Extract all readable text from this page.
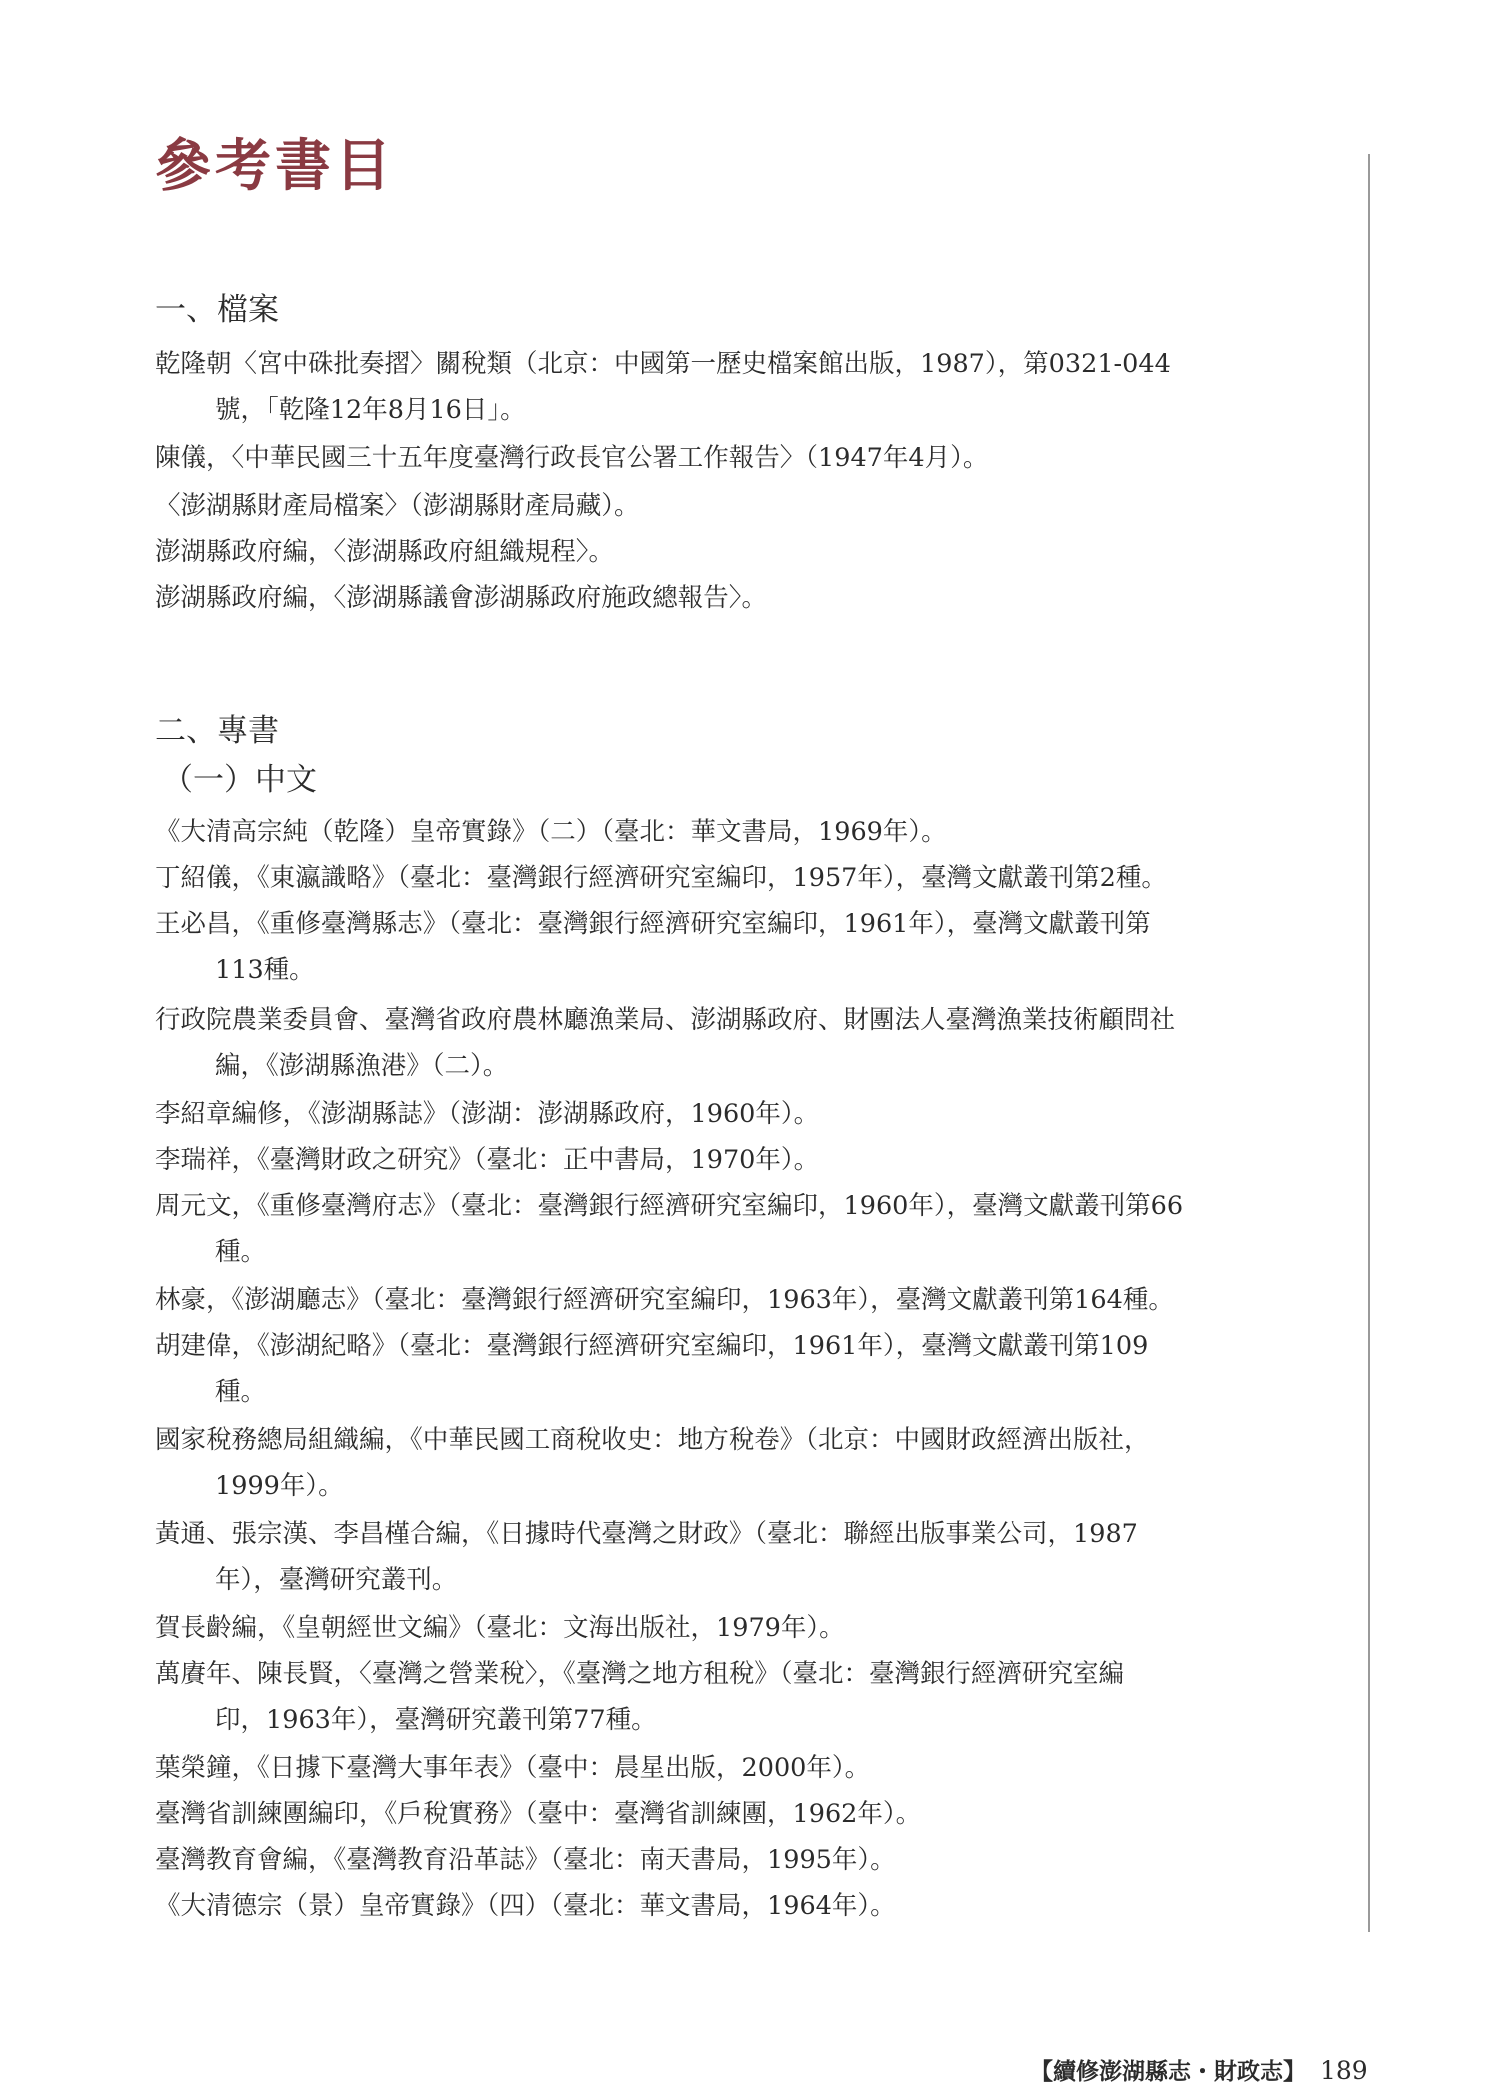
參考書目
一、檔案
乾隆朝〈宮中硃批奏摺〉關稅類（北京：中國第一歷史檔案館出版，1987），第0321-044
號，「乾隆12年8月16日」。
陳儀，〈中華民國三十五年度臺灣行政長官公署工作報告〉（1947年4月）。
〈澎湖縣財產局檔案〉（澎湖縣財產局藏）。
澎湖縣政府編，〈澎湖縣政府組織規程〉。
澎湖縣政府編，〈澎湖縣議會澎湖縣政府施政總報告〉。
二、專書
（一）中文
《大清高宗純（乾隆）皇帝實錄》（二）（臺北：華文書局，1969年）。
丁紹儀，《東瀛識略》（臺北：臺灣銀行經濟研究室編印，1957年），臺灣文獻叢刊第2種。
王必昌，《重修臺灣縣志》（臺北：臺灣銀行經濟研究室編印，1961年），臺灣文獻叢刊第
113種。
行政院農業委員會、臺灣省政府農林廳漁業局、澎湖縣政府、財團法人臺灣漁業技術顧問社
編，《澎湖縣漁港》（二）。
李紹章編修，《澎湖縣誌》（澎湖：澎湖縣政府，1960年）。
李瑞祥，《臺灣財政之研究》（臺北：正中書局，1970年）。
周元文，《重修臺灣府志》（臺北：臺灣銀行經濟研究室編印，1960年），臺灣文獻叢刊第66
種。
林豪，《澎湖廳志》（臺北：臺灣銀行經濟研究室編印，1963年），臺灣文獻叢刊第164種。
胡建偉，《澎湖紀略》（臺北：臺灣銀行經濟研究室編印，1961年），臺灣文獻叢刊第109
種。
國家稅務總局組織編，《中華民國工商稅收史：地方稅卷》（北京：中國財政經濟出版社，
1999年）。
黃通、張宗漢、李昌槿合編，《日據時代臺灣之財政》（臺北：聯經出版事業公司，1987
年），臺灣研究叢刊。
賀長齡編，《皇朝經世文編》（臺北：文海出版社，1979年）。
萬賡年、陳長賢，〈臺灣之營業稅〉，《臺灣之地方租稅》（臺北：臺灣銀行經濟研究室編
印，1963年），臺灣研究叢刊第77種。
葉榮鐘，《日據下臺灣大事年表》（臺中：晨星出版，2000年）。
臺灣省訓練團編印，《戶稅實務》（臺中：臺灣省訓練團，1962年）。
臺灣教育會編，《臺灣教育沿革誌》（臺北：南天書局，1995年）。
《大清德宗（景）皇帝實錄》（四）（臺北：華文書局，1964年）。
【續修澎湖縣志・財政志】 189
